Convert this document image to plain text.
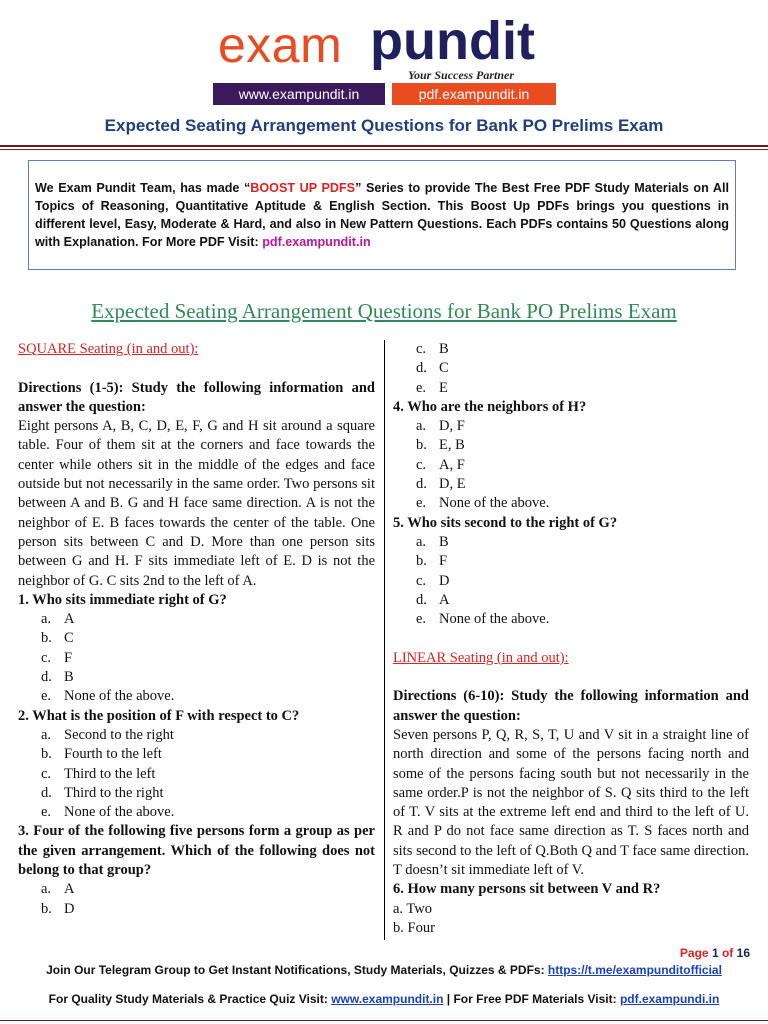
exam pundit
Your Success Partner
www.exampundit.in	pdf.exampundit.in
Expected Seating Arrangement Questions for Bank PO Prelims Exam
We Exam Pundit Team, has made “BOOST UP PDFS” Series to provide The Best Free PDF Study Materials on All Topics of Reasoning, Quantitative Aptitude & English Section. This Boost Up PDFs brings you questions in different level, Easy, Moderate & Hard, and also in New Pattern Questions. Each PDFs contains 50 Questions along with Explanation. For More PDF Visit: pdf.exampundit.in
Expected Seating Arrangement Questions for Bank PO Prelims Exam
SQUARE Seating (in and out):
Directions (1-5): Study the following information and answer the question:
Eight persons A, B, C, D, E, F, G and H sit around a square table. Four of them sit at the corners and face towards the center while others sit in the middle of the edges and face outside but not necessarily in the same order. Two persons sit between A and B. G and H face same direction. A is not the neighbor of E. B faces towards the center of the table. One person sits between C and D. More than one person sits between G and H. F sits immediate left of E. D is not the neighbor of G. C sits 2nd to the left of A.
1. Who sits immediate right of G?
a. A
b. C
c. F
d. B
e. None of the above.
2. What is the position of F with respect to C?
a. Second to the right
b. Fourth to the left
c. Third to the left
d. Third to the right
e. None of the above.
3. Four of the following five persons form a group as per the given arrangement. Which of the following does not belong to that group?
a. A
b. D
c. B
d. C
e. E
4. Who are the neighbors of H?
a. D, F
b. E, B
c. A, F
d. D, E
e. None of the above.
5. Who sits second to the right of G?
a. B
b. F
c. D
d. A
e. None of the above.
LINEAR Seating (in and out):
Directions (6-10): Study the following information and answer the question:
Seven persons P, Q, R, S, T, U and V sit in a straight line of north direction and some of the persons facing north and some of the persons facing south but not necessarily in the same order.P is not the neighbor of S. Q sits third to the left of T. V sits at the extreme left end and third to the left of U. R and P do not face same direction as T. S faces north and sits second to the left of Q.Both Q and T face same direction. T doesn’t sit immediate left of V.
6. How many persons sit between V and R?
a. Two
b. Four
Page 1 of 16
Join Our Telegram Group to Get Instant Notifications, Study Materials, Quizzes & PDFs: https://t.me/exampunditofficial
For Quality Study Materials & Practice Quiz Visit: www.exampundit.in | For Free PDF Materials Visit: pdf.exampundi.in
